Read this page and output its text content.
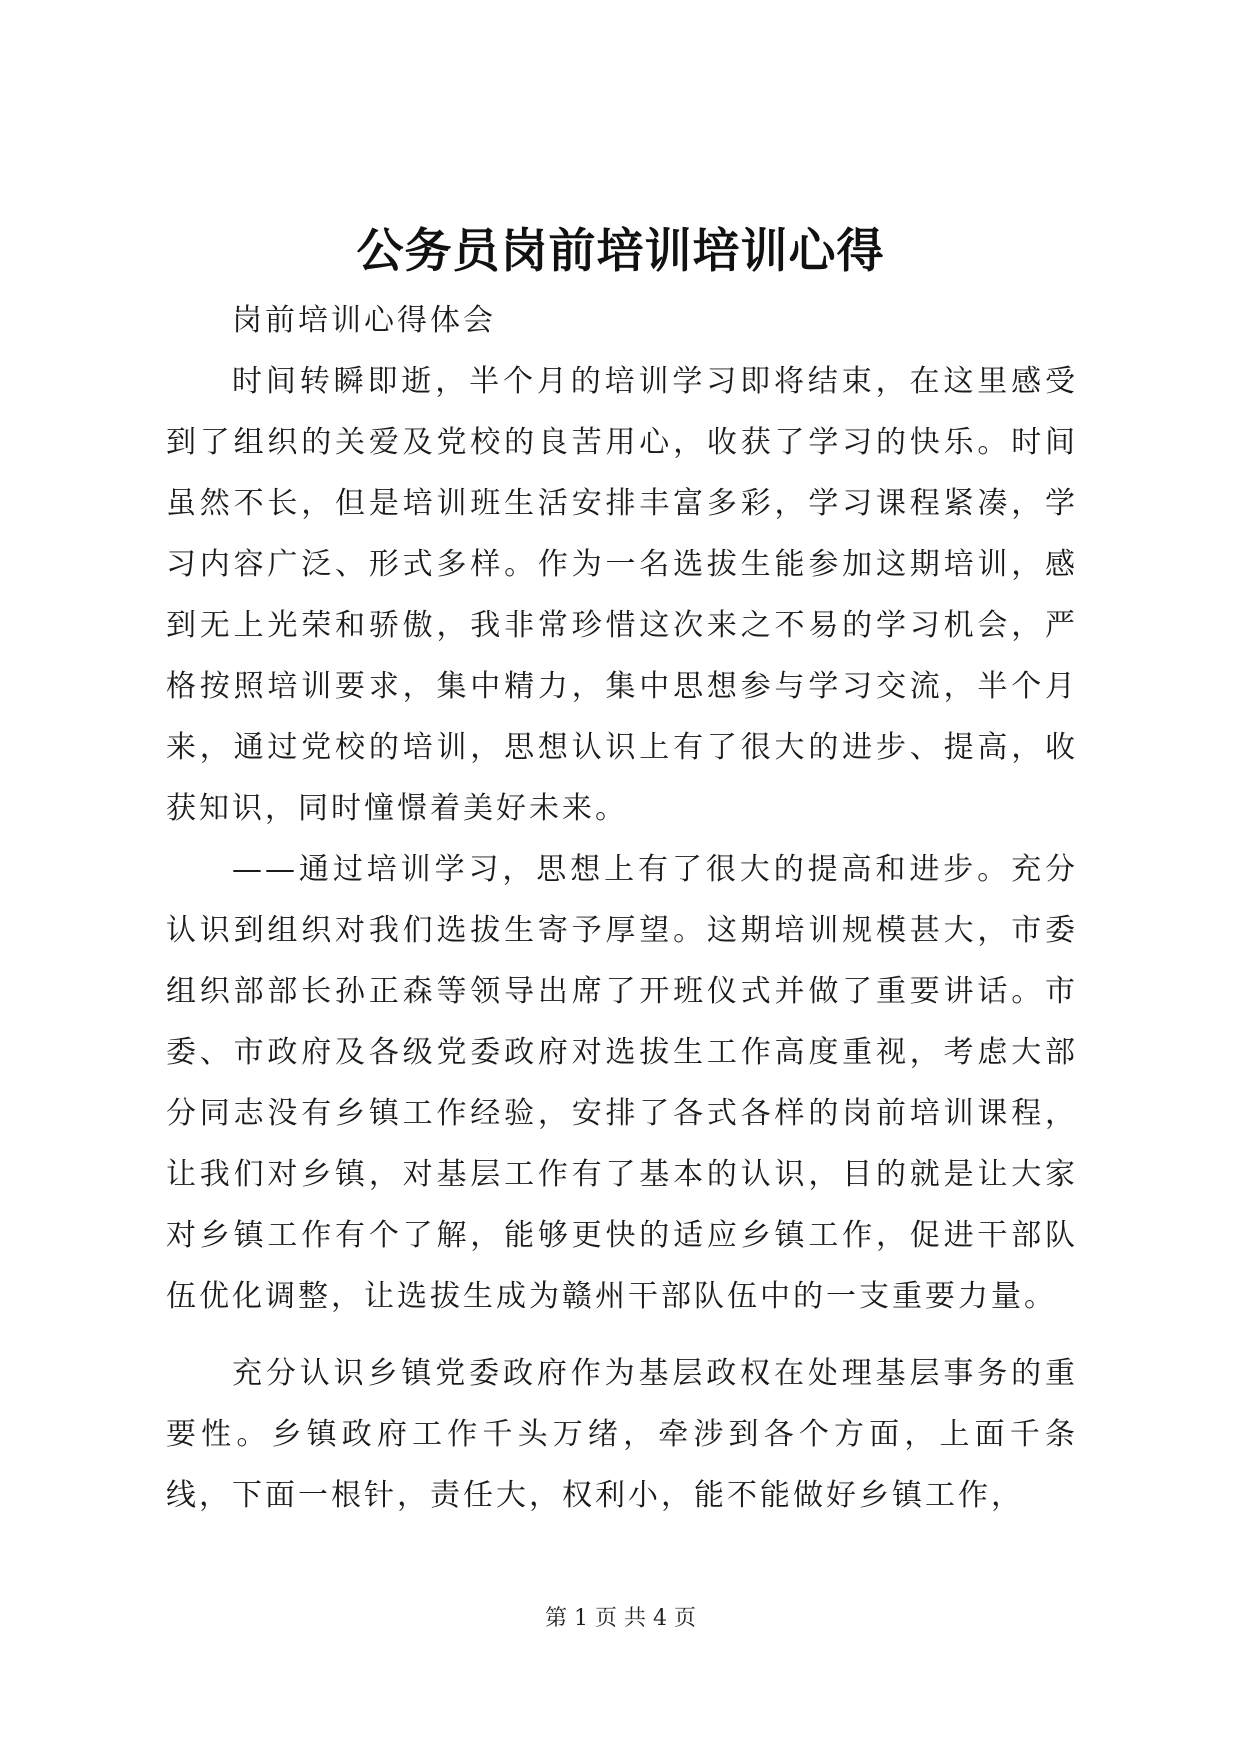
公务员岗前培训培训心得

岗前培训心得体会

时间转瞬即逝，半个月的培训学习即将结束，在这里感受到了组织的关爱及党校的良苦用心，收获了学习的快乐。时间虽然不长，但是培训班生活安排丰富多彩，学习课程紧凑，学习内容广泛、形式多样。作为一名选拔生能参加这期培训，感到无上光荣和骄傲，我非常珍惜这次来之不易的学习机会，严格按照培训要求，集中精力，集中思想参与学习交流，半个月来，通过党校的培训，思想认识上有了很大的进步、提高，收获知识，同时憧憬着美好未来。

——通过培训学习，思想上有了很大的提高和进步。充分认识到组织对我们选拔生寄予厚望。这期培训规模甚大，市委组织部部长孙正森等领导出席了开班仪式并做了重要讲话。市委、市政府及各级党委政府对选拔生工作高度重视，考虑大部分同志没有乡镇工作经验，安排了各式各样的岗前培训课程，让我们对乡镇，对基层工作有了基本的认识，目的就是让大家对乡镇工作有个了解，能够更快的适应乡镇工作，促进干部队伍优化调整，让选拔生成为赣州干部队伍中的一支重要力量。

充分认识乡镇党委政府作为基层政权在处理基层事务的重要性。乡镇政府工作千头万绪，牵涉到各个方面，上面千条线，下面一根针，责任大，权利小，能不能做好乡镇工作，

第 1 页 共 4 页
